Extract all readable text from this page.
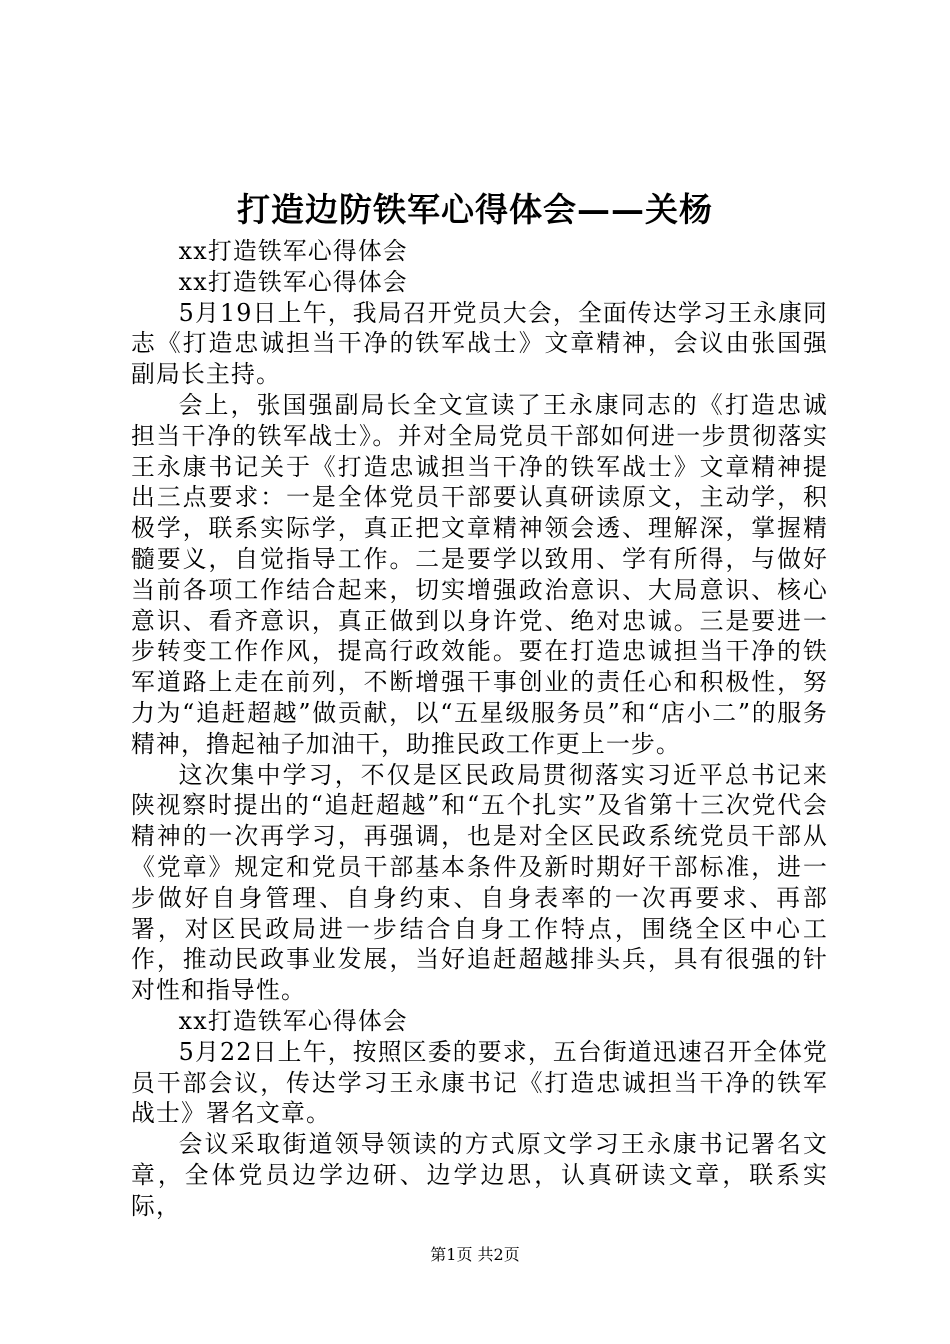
打造边防铁军心得体会——关杨

xx打造铁军心得体会

xx打造铁军心得体会

5月19日上午，我局召开党员大会，全面传达学习王永康同志《打造忠诚担当干净的铁军战士》文章精神，会议由张国强副局长主持。

会上，张国强副局长全文宣读了王永康同志的《打造忠诚担当干净的铁军战士》。并对全局党员干部如何进一步贯彻落实王永康书记关于《打造忠诚担当干净的铁军战士》文章精神提出三点要求：一是全体党员干部要认真研读原文，主动学，积极学，联系实际学，真正把文章精神领会透、理解深，掌握精髓要义，自觉指导工作。二是要学以致用、学有所得，与做好当前各项工作结合起来，切实增强政治意识、大局意识、核心意识、看齐意识，真正做到以身许党、绝对忠诚。三是要进一步转变工作作风，提高行政效能。要在打造忠诚担当干净的铁军道路上走在前列，不断增强干事创业的责任心和积极性，努力为“追赶超越”做贡献，以“五星级服务员”和“店小二”的服务精神，撸起袖子加油干，助推民政工作更上一步。

这次集中学习，不仅是区民政局贯彻落实习近平总书记来陕视察时提出的“追赶超越”和“五个扎实”及省第十三次党代会精神的一次再学习，再强调，也是对全区民政系统党员干部从《党章》规定和党员干部基本条件及新时期好干部标准，进一步做好自身管理、自身约束、自身表率的一次再要求、再部署，对区民政局进一步结合自身工作特点，围绕全区中心工作，推动民政事业发展，当好追赶超越排头兵，具有很强的针对性和指导性。

xx打造铁军心得体会

5月22日上午，按照区委的要求，五台街道迅速召开全体党员干部会议，传达学习王永康书记《打造忠诚担当干净的铁军战士》署名文章。

会议采取街道领导领读的方式原文学习王永康书记署名文章，全体党员边学边研、边学边思，认真研读文章，联系实际，

第1页 共2页
